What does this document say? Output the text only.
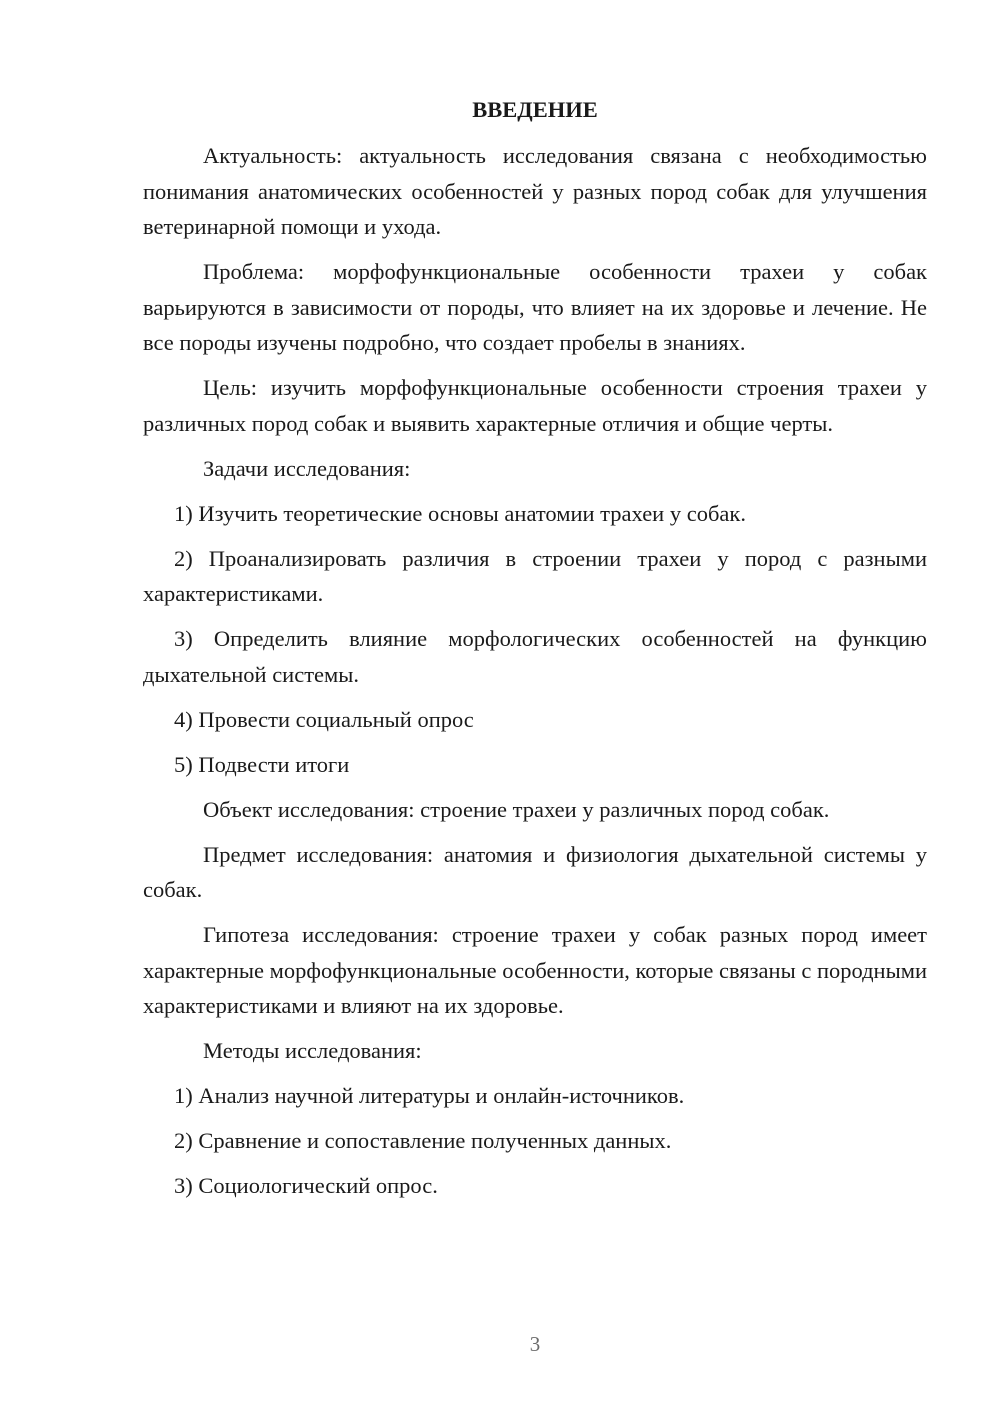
ВВЕДЕНИЕ

Актуальность: актуальность исследования связана с необходимостью понимания анатомических особенностей у разных пород собак для улучшения ветеринарной помощи и ухода.

Проблема: морфофункциональные особенности трахеи у собак варьируются в зависимости от породы, что влияет на их здоровье и лечение. Не все породы изучены подробно, что создает пробелы в знаниях.

Цель: изучить морфофункциональные особенности строения трахеи у различных пород собак и выявить характерные отличия и общие черты.

Задачи исследования:

1) Изучить теоретические основы анатомии трахеи у собак.

2) Проанализировать различия в строении трахеи у пород с разными характеристиками.

3) Определить влияние морфологических особенностей на функцию дыхательной системы.

4) Провести социальный опрос

5) Подвести итоги

Объект исследования: строение трахеи у различных пород собак.

Предмет исследования: анатомия и физиология дыхательной системы у собак.

Гипотеза исследования: строение трахеи у собак разных пород имеет характерные морфофункциональные особенности, которые связаны с породными характеристиками и влияют на их здоровье.

Методы исследования:

1) Анализ научной литературы и онлайн-источников.

2) Сравнение и сопоставление полученных данных.

3) Социологический опрос.

3
